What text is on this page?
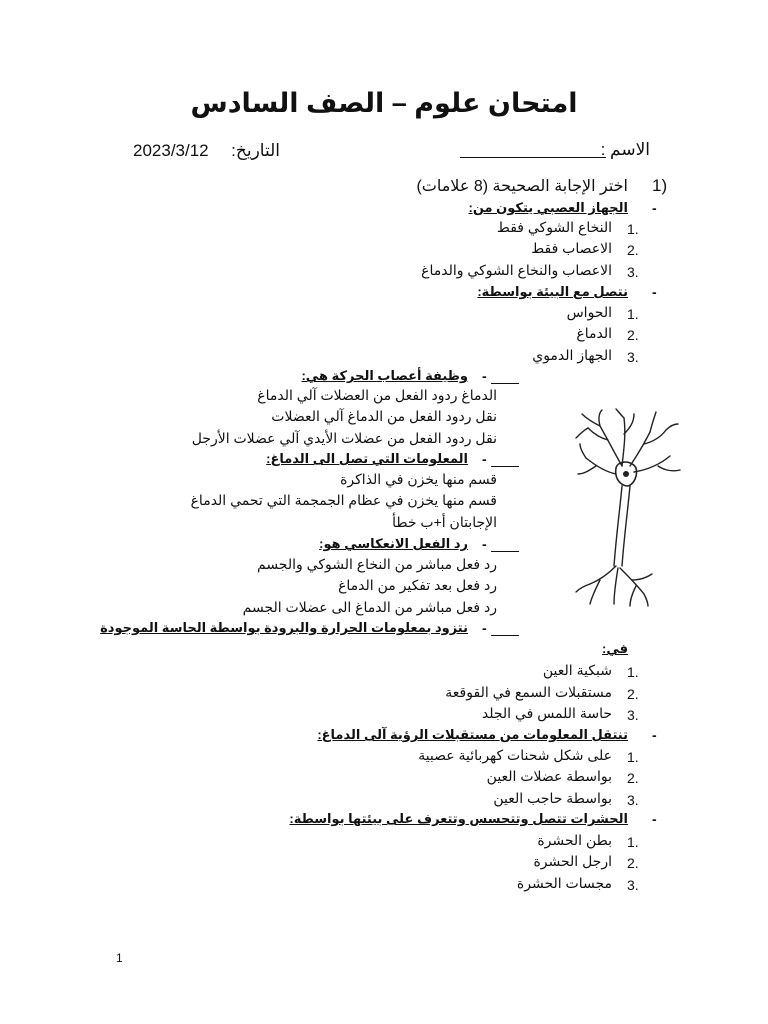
امتحان علوم – الصف السادس
الاسم :
التاريخ:
2023/3/12
1)
اختر الإجابة الصحيحة (8 علامات)
-
الجهاز العصبي يتكون من:
1.
النخاع الشوكي فقط
2.
الاعصاب فقط
3.
الاعصاب والنخاع الشوكي والدماغ
-
نتصل مع البيئة بواسطة:
1.
الحواس
2.
الدماغ
3.
الجهاز الدموي
-
وظيفة أعصاب الحركة هي:
الدماغ ردود الفعل من العضلات آلي الدماغ
نقل ردود الفعل من الدماغ آلي العضلات
نقل ردود الفعل من عضلات الأيدي آلي عضلات الأرجل
-
المعلومات التي تصل الى الدماغ:
قسم منها يخزن في الذاكرة
قسم منها يخزن في عظام الجمجمة التي تحمي الدماغ
الإجابتان أ+ب خطأ
-
رد الفعل الانعكاسي هو:
رد فعل مباشر من النخاع الشوكي والجسم
رد فعل بعد تفكير من الدماغ
رد فعل مباشر من الدماغ الى عضلات الجسم
-
نتزود بمعلومات الحرارة والبرودة بواسطة الحاسة الموجودة
في:
1.
شبكية العين
2.
مستقبلات السمع في القوقعة
3.
حاسة اللمس في الجلد
-
تنتقل المعلومات من مستقبلات الرؤية آلى الدماغ:
1.
على شكل شحنات كهربائية عصبية
2.
بواسطة عضلات العين
3.
بواسطة حاجب العين
-
الحشرات تتصل وتتحسس وتتعرف على بيئتها بواسطة:
1.
بطن الحشرة
2.
ارجل الحشرة
3.
مجسات الحشرة
1
